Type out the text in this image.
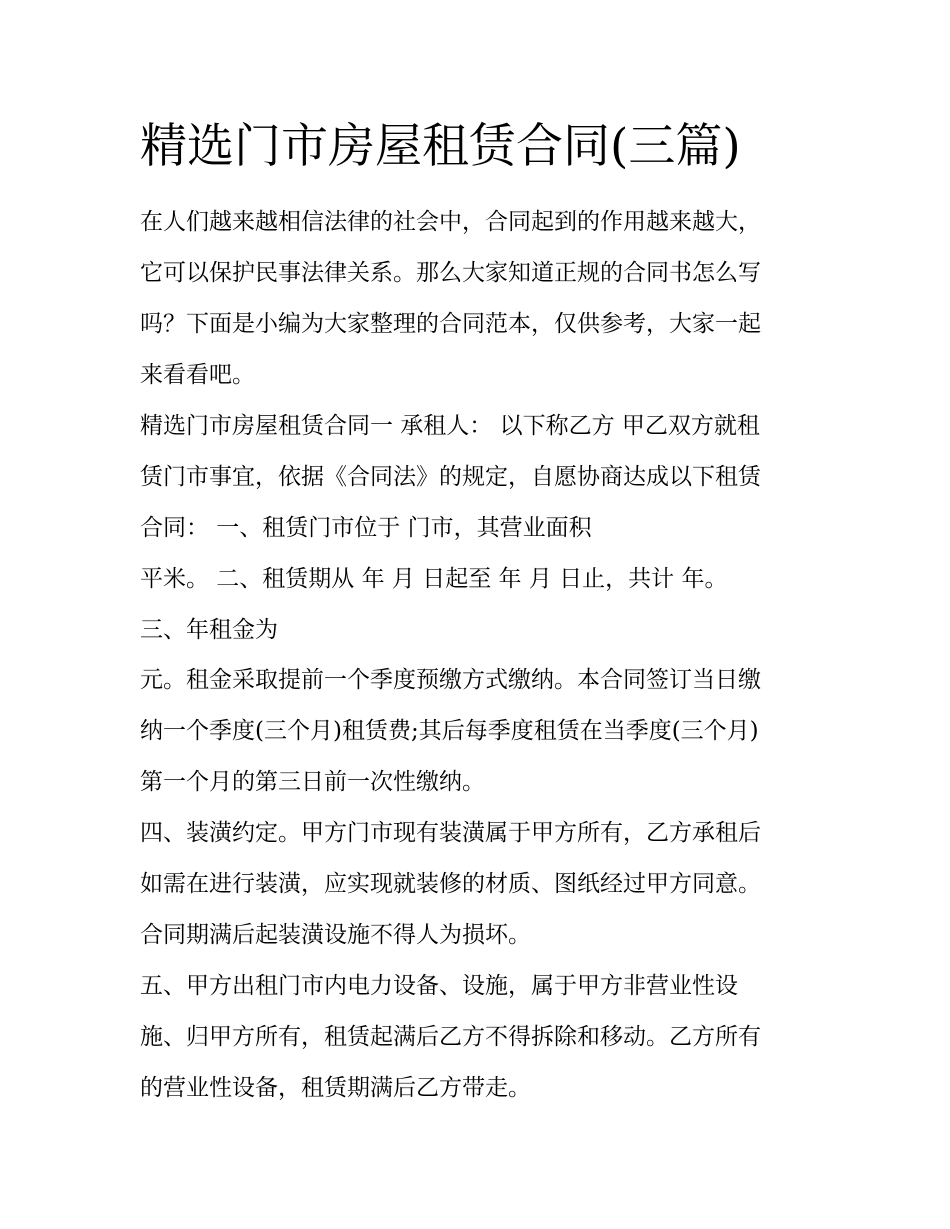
精选门市房屋租赁合同(三篇)
在人们越来越相信法律的社会中，合同起到的作用越来越大，
它可以保护民事法律关系。那么大家知道正规的合同书怎么写
吗？下面是小编为大家整理的合同范本，仅供参考，大家一起
来看看吧。
精选门市房屋租赁合同一 承租人： 以下称乙方 甲乙双方就租
赁门市事宜，依据《合同法》的规定，自愿协商达成以下租赁
合同： 一、租赁门市位于 门市，其营业面积
平米。 二、租赁期从 年 月 日起至 年 月 日止，共计 年。
三、年租金为
元。租金采取提前一个季度预缴方式缴纳。本合同签订当日缴
纳一个季度(三个月)租赁费;其后每季度租赁在当季度(三个月)
第一个月的第三日前一次性缴纳。
四、装潢约定。甲方门市现有装潢属于甲方所有，乙方承租后
如需在进行装潢，应实现就装修的材质、图纸经过甲方同意。
合同期满后起装潢设施不得人为损坏。
五、甲方出租门市内电力设备、设施，属于甲方非营业性设
施、归甲方所有，租赁起满后乙方不得拆除和移动。乙方所有
的营业性设备，租赁期满后乙方带走。
